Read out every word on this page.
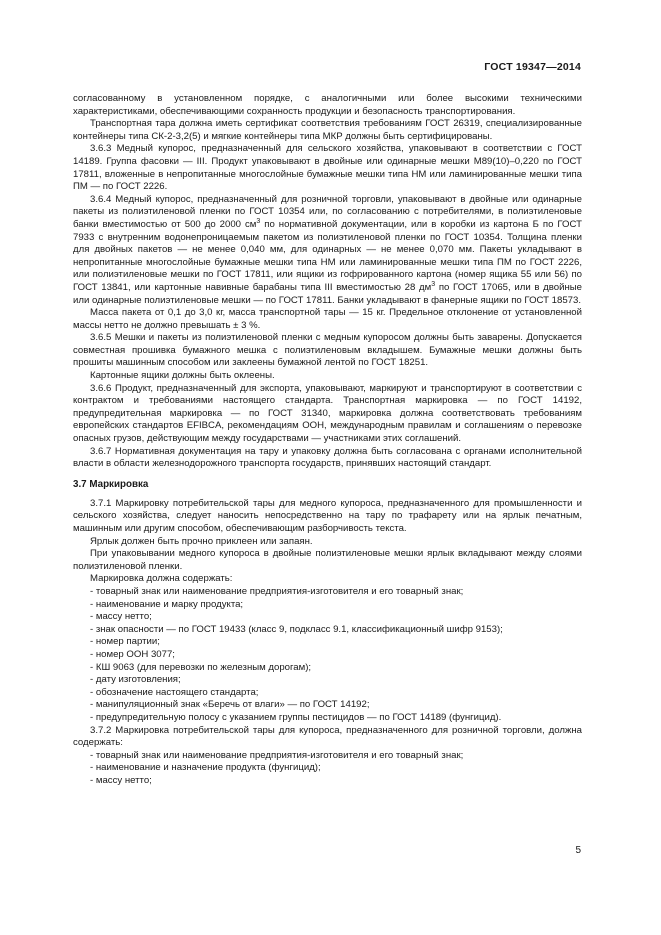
ГОСТ 19347—2014

согласованному в установленном порядке, с аналогичными или более высокими техническими характеристиками, обеспечивающими сохранность продукции и безопасность транспортирования.

Транспортная тара должна иметь сертификат соответствия требованиям ГОСТ 26319, специализированные контейнеры типа СК-2-3,2(5) и мягкие контейнеры типа МКР должны быть сертифицированы.

3.6.3 Медный купорос, предназначенный для сельского хозяйства, упаковывают в соответствии с ГОСТ 14189. Группа фасовки — III. Продукт упаковывают в двойные или одинарные мешки М89(10)–0,220 по ГОСТ 17811, вложенные в непропитанные многослойные бумажные мешки типа НМ или ламинированные мешки типа ПМ — по ГОСТ 2226.

3.6.4 Медный купорос, предназначенный для розничной торговли, упаковывают в двойные или одинарные пакеты из полиэтиленовой пленки по ГОСТ 10354 или, по согласованию с потребителями, в полиэтиленовые банки вместимостью от 500 до 2000 $см^3$ по нормативной документации, или в коробки из картона Б по ГОСТ 7933 с внутренним водонепроницаемым пакетом из полиэтиленовой пленки по ГОСТ 10354. Толщина пленки для двойных пакетов — не менее 0,040 мм, для одинарных — не менее 0,070 мм. Пакеты укладывают в непропитанные многослойные бумажные мешки типа НМ или ламинированные мешки типа ПМ по ГОСТ 2226, или полиэтиленовые мешки по ГОСТ 17811, или ящики из гофрированного картона (номер ящика 55 или 56) по ГОСТ 13841, или картонные навивные барабаны типа III вместимостью 28 $дм^3$ по ГОСТ 17065, или в двойные или одинарные полиэтиленовые мешки — по ГОСТ 17811. Банки укладывают в фанерные ящики по ГОСТ 18573.

Масса пакета от 0,1 до 3,0 кг, масса транспортной тары — 15 кг. Предельное отклонение от установленной массы нетто не должно превышать ± 3 %.

3.6.5 Мешки и пакеты из полиэтиленовой пленки с медным купоросом должны быть заварены. Допускается совместная прошивка бумажного мешка с полиэтиленовым вкладышем. Бумажные мешки должны быть прошиты машинным способом или заклеены бумажной лентой по ГОСТ 18251.

Картонные ящики должны быть оклеены.

3.6.6 Продукт, предназначенный для экспорта, упаковывают, маркируют и транспортируют в соответствии с контрактом и требованиями настоящего стандарта. Транспортная маркировка — по ГОСТ 14192, предупредительная маркировка — по ГОСТ 31340, маркировка должна соответствовать требованиям европейских стандартов EFIBCA, рекомендациям ООН, международным правилам и соглашениям о перевозке опасных грузов, действующим между государствами — участниками этих соглашений.

3.6.7 Нормативная документация на тару и упаковку должна быть согласована с органами исполнительной власти в области железнодорожного транспорта государств, принявших настоящий стандарт.

3.7 Маркировка

3.7.1 Маркировку потребительской тары для медного купороса, предназначенного для промышленности и сельского хозяйства, следует наносить непосредственно на тару по трафарету или на ярлык печатным, машинным или другим способом, обеспечивающим разборчивость текста.

Ярлык должен быть прочно приклеен или запаян.

При упаковывании медного купороса в двойные полиэтиленовые мешки ярлык вкладывают между слоями полиэтиленовой пленки.

Маркировка должна содержать:

- товарный знак или наименование предприятия-изготовителя и его товарный знак;

- наименование и марку продукта;

- массу нетто;

- знак опасности — по ГОСТ 19433 (класс 9, подкласс 9.1, классификационный шифр 9153);

- номер партии;

- номер ООН 3077;

- КШ 9063 (для перевозки по железным дорогам);

- дату изготовления;

- обозначение настоящего стандарта;

- манипуляционный знак «Беречь от влаги» — по ГОСТ 14192;

- предупредительную полосу с указанием группы пестицидов — по ГОСТ 14189 (фунгицид).

3.7.2 Маркировка потребительской тары для купороса, предназначенного для розничной торговли, должна содержать:

- товарный знак или наименование предприятия-изготовителя и его товарный знак;

- наименование и назначение продукта (фунгицид);

- массу нетто;

5
